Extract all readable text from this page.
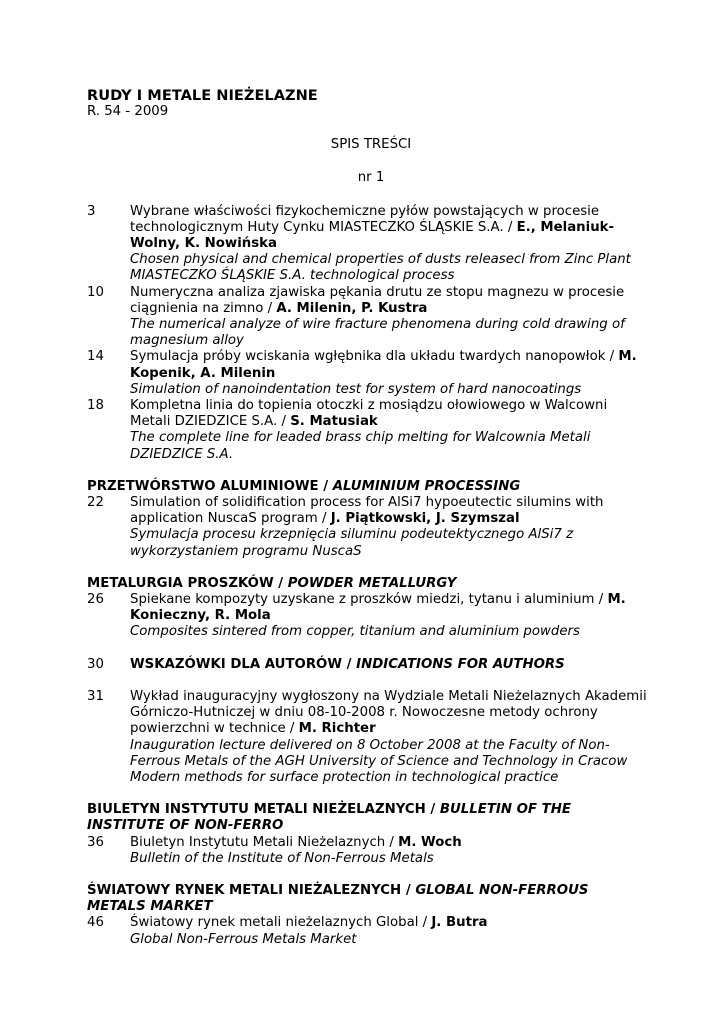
RUDY I METALE NIEŻELAZNE
R. 54 - 2009
SPIS TREŚCI
nr 1
3	Wybrane właściwości fizykochemiczne pyłów powstających w procesie technologicznym Huty Cynku MIASTECZKO ŚLĄSKIE S.A. / E., Melaniuk-Wolny, K. Nowińska
Chosen physical and chemical properties of dusts releasecl from Zinc Plant MIASTECZKO ŚLĄSKIE S.A. technological process
10	Numeryczna analiza zjawiska pękania drutu ze stopu magnezu w procesie ciągnienia na zimno / A. Milenin, P. Kustra
The numerical analyze of wire fracture phenomena during cold drawing of magnesium alloy
14	Symulacja próby wciskania wgłębnika dla układu twardych nanopowłok / M. Kopenik, A. Milenin
Simulation of nanoindentation test for system of hard nanocoatings
18	Kompletna linia do topienia otoczki z mosiądzu ołowiowego w Walcowni Metali DZIEDZICE S.A. / S. Matusiak
The complete line for leaded brass chip melting for Walcownia Metali DZIEDZICE S.A.
PRZETWÓRSTWO ALUMINIOWE / ALUMINIUM PROCESSING
22	Simulation of solidification process for AlSi7 hypoeutectic silumins with application NuscaS program / J. Piątkowski, J. Szymszal
Symulacja procesu krzepnięcia siluminu podeutektycznego AlSi7 z wykorzystaniem programu NuscaS
METALURGIA PROSZKÓW / POWDER METALLURGY
26	Spiekane kompozyty uzyskane z proszków miedzi, tytanu i aluminium / M. Konieczny, R. Mola
Composites sintered from copper, titanium and aluminium powders
30	WSKAZÓWKI DLA AUTORÓW / INDICATIONS FOR AUTHORS
31	Wykład inauguracyjny wygłoszony na Wydziale Metali Nieżelaznych Akademii Górniczo-Hutniczej w dniu 08-10-2008 r. Nowoczesne metody ochrony powierzchni w technice / M. Richter
Inauguration lecture delivered on 8 October 2008 at the Faculty of Non-Ferrous Metals of the AGH University of Science and Technology in Cracow Modern methods for surface protection in technological practice
BIULETYN INSTYTUTU METALI NIEŻELAZNYCH / BULLETIN OF THE INSTITUTE OF NON-FERRO
36	Biuletyn Instytutu Metali Nieżelaznych / M. Woch
Bulletin of the Institute of Non-Ferrous Metals
ŚWIATOWY RYNEK METALI NIEŻALEZNYCH / GLOBAL NON-FERROUS METALS MARKET
46	Światowy rynek metali nieżelaznych Global / J. Butra
Global Non-Ferrous Metals Market
